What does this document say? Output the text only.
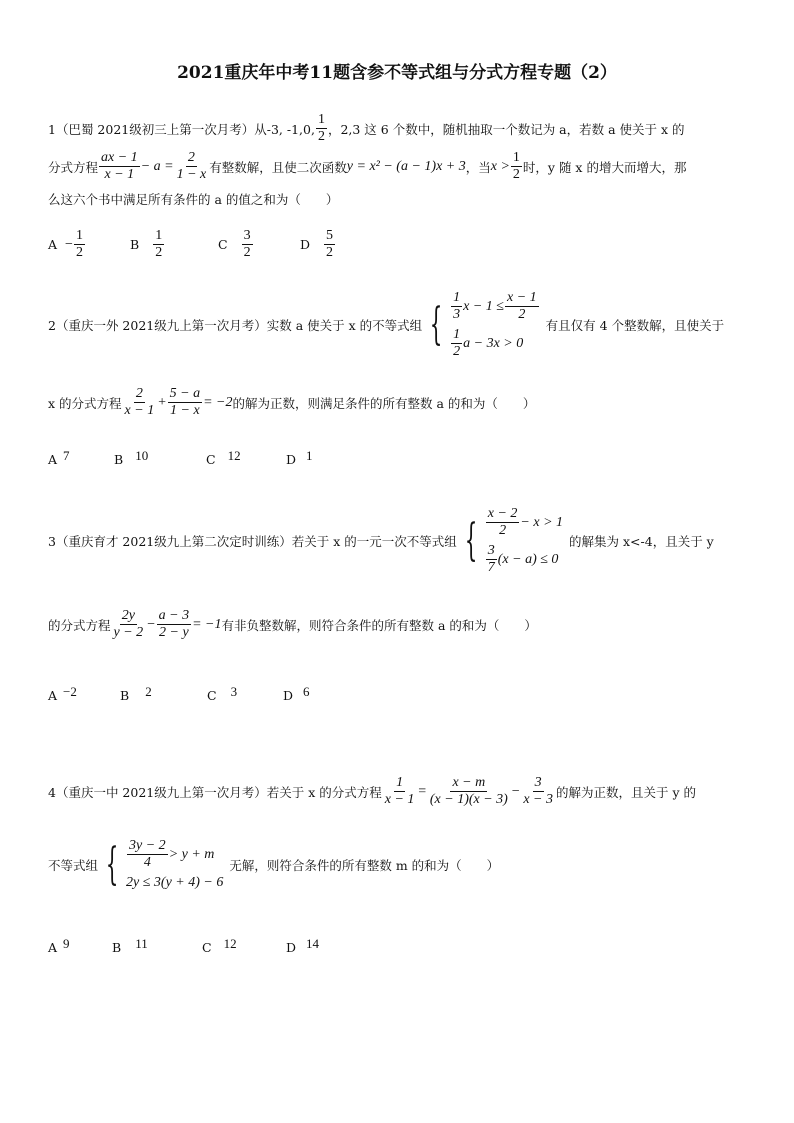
2021重庆年中考11题含参不等式组与分式方程专题（2）
1（巴蜀 2021级初三上第一次月考）从-3, -1,0, $\frac{1}{2}$ ，2,3 这 6 个数中，随机抽取一个数记为 a，若数 a 使关于 x 的
分式方程 $\frac{ax - 1}{x - 1} - a = \frac{2}{1 - x}$ 有整数解，且使二次函数 y = x² − (a − 1)x + 3 ，当 $x > \frac{1}{2}$ 时，y 随 x 的增大而增大，那
么这六个书中满足所有条件的 a 的值之和为（　　）
$A - \frac{1}{2}$	B $\frac{1}{2}$	C $\frac{3}{2}$	D $\frac{5}{2}$
2（重庆一外 2021级九上第一次月考）实数 a 使关于 x 的不等式组 { $\frac{1}{3}$ $x - 1 \le \frac{x - 1}{2}$
$\frac{1}{2}$ a − 3x > 0
有且仅有 4 个整数解，且使关于
x 的分式方程 $\frac{2}{x - 1} + \frac{5 - a}{1 - x} = -2$ 的解为正数，则满足条件的所有整数 a 的和为（　　）
A 7	B 10	C 12	D 1
3（重庆育才 2021级九上第二次定时训练）若关于 x 的一元一次不等式组 { $\frac{x - 2}{2} - x > 1$
$\frac{3}{7} (x - a) \le 0$
的解集为 x<-4，且关于 y
的分式方程 $\frac{2y}{y - 2} - \frac{a - 3}{2 - y} = -1$ 有非负整数解，则符合条件的所有整数 a 的和为（　　）
A −2	B 2	C 3	D 6
4（重庆一中 2021级九上第一次月考）若关于 x 的分式方程 $\frac{1}{x - 1} = \frac{x - m}{(x - 1)(x - 3)} - \frac{3}{x - 3}$ 的解为正数，且关于 y 的
不等式组 { $\frac{3y - 2}{4} > y + m$
2y ≤ 3(y + 4) − 6
无解，则符合条件的所有整数 m 的和为（　　）
A 9	B 11	C 12	D 14
